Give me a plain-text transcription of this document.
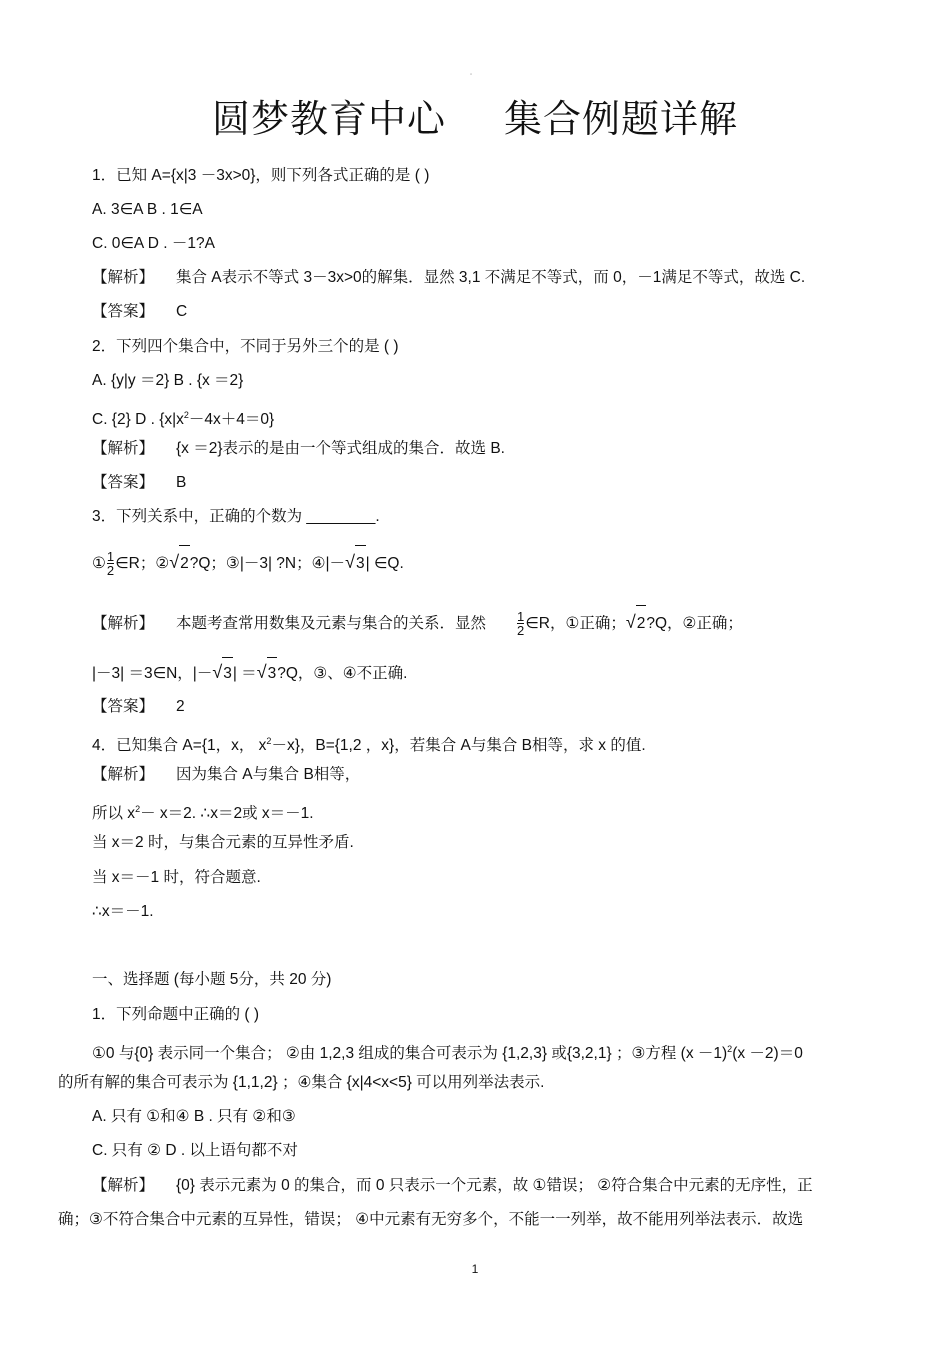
▫
圆梦教育中心 集合例题详解
1．已知 A={x|3 －3x>0}，则下列各式正确的是 ( )
A. 3∈A B . 1∈A
C. 0∈A D . －1?A
【解析】 集合 A表示不等式 3－3x>0的解集．显然 3,1 不满足不等式，而 0，－1满足不等式，故选 C.
【答案】 C
2．下列四个集合中，不同于另外三个的是 ( )
A. {y|y ＝2} B . {x ＝2}
C. {2} D . $\{x|x^2-4x+4=0\}$
【解析】 {x ＝2}表示的是由一个等式组成的集合．故选 B.
【答案】 B
3．下列关系中，正确的个数为 ________.
① $\frac{1}{2}$ ∈R；②√2?Q；③|－3| ?N；④|－√3| ∈Q.
【解析】 本题考查常用数集及元素与集合的关系．显然 $\frac{1}{2}$ ∈R，①正确；√2?Q，②正确；
|－3| ＝3∈N，|－√3| ＝√3?Q，③、④不正确.
【答案】 2
4．已知集合 A={1，x， $x^2-x$}，B={1,2 ，x}，若集合 A与集合 B相等，求 x 的值.
【解析】 因为集合 A与集合 B相等，
所以 $x^2- x=2$. ∴x＝2或 x＝－1.
当 x＝2 时，与集合元素的互异性矛盾.
当 x＝－1 时，符合题意.
∴x＝－1.
一、选择题 (每小题 5分，共 20 分)
1．下列命题中正确的 ( )
①0 与{0} 表示同一个集合； ②由 1,2,3 组成的集合可表示为 {1,2,3} 或{3,2,1} ；③方程 $(x -1)^2(x -2)=0$
的所有解的集合可表示为 {1,1,2} ；④集合 {x|4<x<5} 可以用列举法表示.
A. 只有 ①和④ B . 只有 ②和③
C. 只有 ② D . 以上语句都不对
【解析】 {0} 表示元素为 0 的集合，而 0 只表示一个元素，故 ①错误； ②符合集合中元素的无序性，正
确；③不符合集合中元素的互异性，错误； ④中元素有无穷多个，不能一一列举，故不能用列举法表示．故选
1
